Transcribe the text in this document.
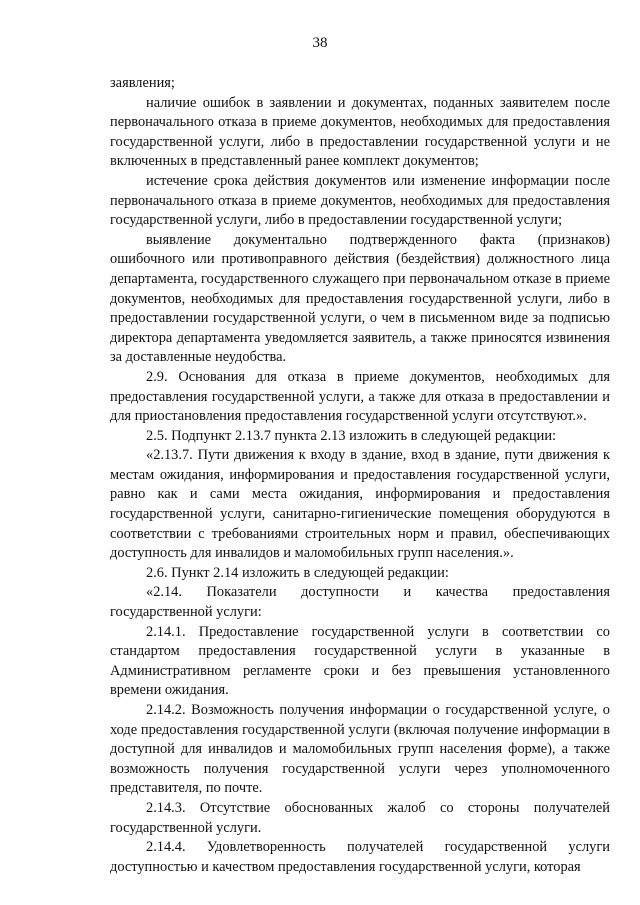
38

заявления;

наличие ошибок в заявлении и документах, поданных заявителем после первоначального отказа в приеме документов, необходимых для предоставления государственной услуги, либо в предоставлении государственной услуги и не включенных в представленный ранее комплект документов;

истечение срока действия документов или изменение информации после первоначального отказа в приеме документов, необходимых для предоставления государственной услуги, либо в предоставлении государственной услуги;

выявление документально подтвержденного факта (признаков) ошибочного или противоправного действия (бездействия) должностного лица департамента, государственного служащего при первоначальном отказе в приеме документов, необходимых для предоставления государственной услуги, либо в предоставлении государственной услуги, о чем в письменном виде за подписью директора департамента уведомляется заявитель, а также приносятся извинения за доставленные неудобства.

2.9. Основания для отказа в приеме документов, необходимых для предоставления государственной услуги, а также для отказа в предоставлении и для приостановления предоставления государственной услуги отсутствуют.».

2.5. Подпункт 2.13.7 пункта 2.13 изложить в следующей редакции:

«2.13.7. Пути движения к входу в здание, вход в здание, пути движения к местам ожидания, информирования и предоставления государственной услуги, равно как и сами места ожидания, информирования и предоставления государственной услуги, санитарно-гигиенические помещения оборудуются в соответствии с требованиями строительных норм и правил, обеспечивающих доступность для инвалидов и маломобильных групп населения.».

2.6. Пункт 2.14 изложить в следующей редакции:

«2.14. Показатели доступности и качества предоставления государственной услуги:

2.14.1. Предоставление государственной услуги в соответствии со стандартом предоставления государственной услуги в указанные в Административном регламенте сроки и без превышения установленного времени ожидания.

2.14.2. Возможность получения информации о государственной услуге, о ходе предоставления государственной услуги (включая получение информации в доступной для инвалидов и маломобильных групп населения форме), а также возможность получения государственной услуги через уполномоченного представителя, по почте.

2.14.3. Отсутствие обоснованных жалоб со стороны получателей государственной услуги.

2.14.4. Удовлетворенность получателей государственной услуги доступностью и качеством предоставления государственной услуги, которая
